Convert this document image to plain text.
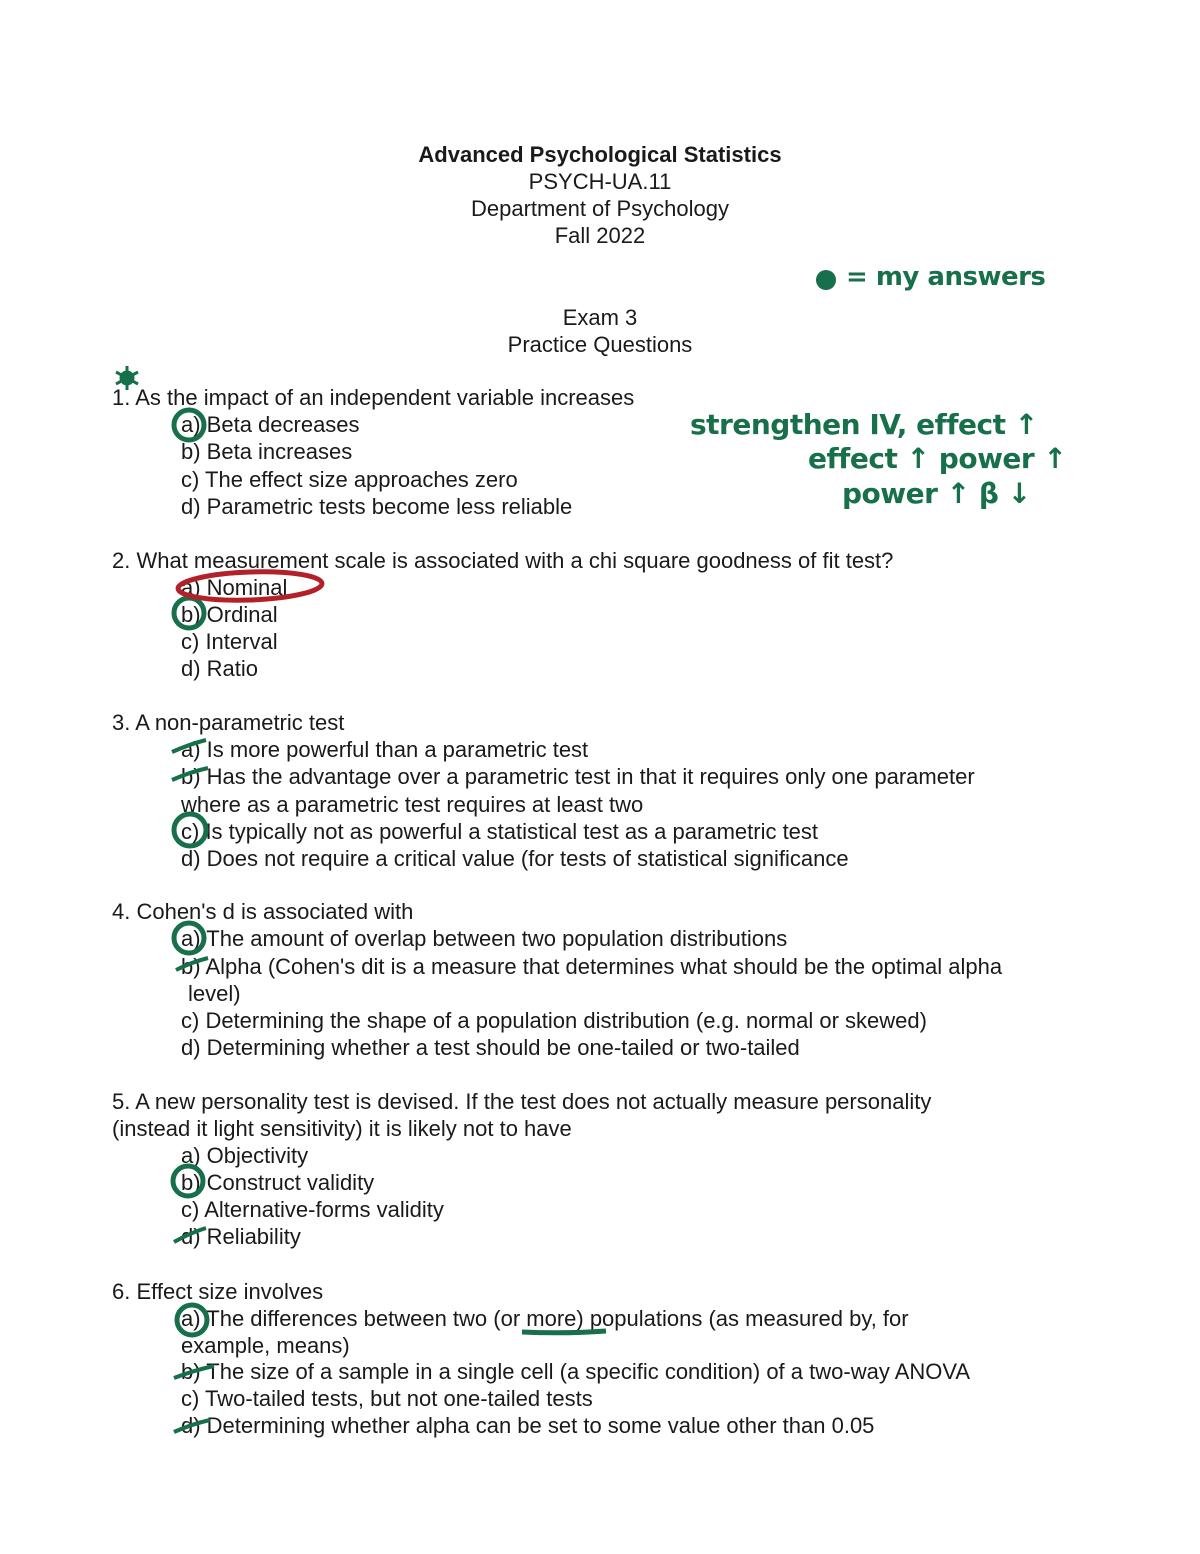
Advanced Psychological Statistics
PSYCH-UA.11
Department of Psychology
Fall 2022
Exam 3
Practice Questions
= my answers
strengthen IV, effect ↑
effect ↑ power ↑
power ↑ β ↓
1. As the impact of an independent variable increases
a) Beta decreases
b) Beta increases
c) The effect size approaches zero
d) Parametric tests become less reliable
2. What measurement scale is associated with a chi square goodness of fit test?
a) Nominal
b) Ordinal
c) Interval
d) Ratio
3. A non-parametric test
a) Is more powerful than a parametric test
b) Has the advantage over a parametric test in that it requires only one parameter
where as a parametric test requires at least two
c) Is typically not as powerful a statistical test as a parametric test
d) Does not require a critical value (for tests of statistical significance
4. Cohen's d is associated with
a) The amount of overlap between two population distributions
b) Alpha (Cohen's dit is a measure that determines what should be the optimal alpha
level)
c) Determining the shape of a population distribution (e.g. normal or skewed)
d) Determining whether a test should be one-tailed or two-tailed
5. A new personality test is devised. If the test does not actually measure personality
(instead it light sensitivity) it is likely not to have
a) Objectivity
b) Construct validity
c) Alternative-forms validity
d) Reliability
6. Effect size involves
a) The differences between two (or more) populations (as measured by, for
example, means)
b) The size of a sample in a single cell (a specific condition) of a two-way ANOVA
c) Two-tailed tests, but not one-tailed tests
d) Determining whether alpha can be set to some value other than 0.05
